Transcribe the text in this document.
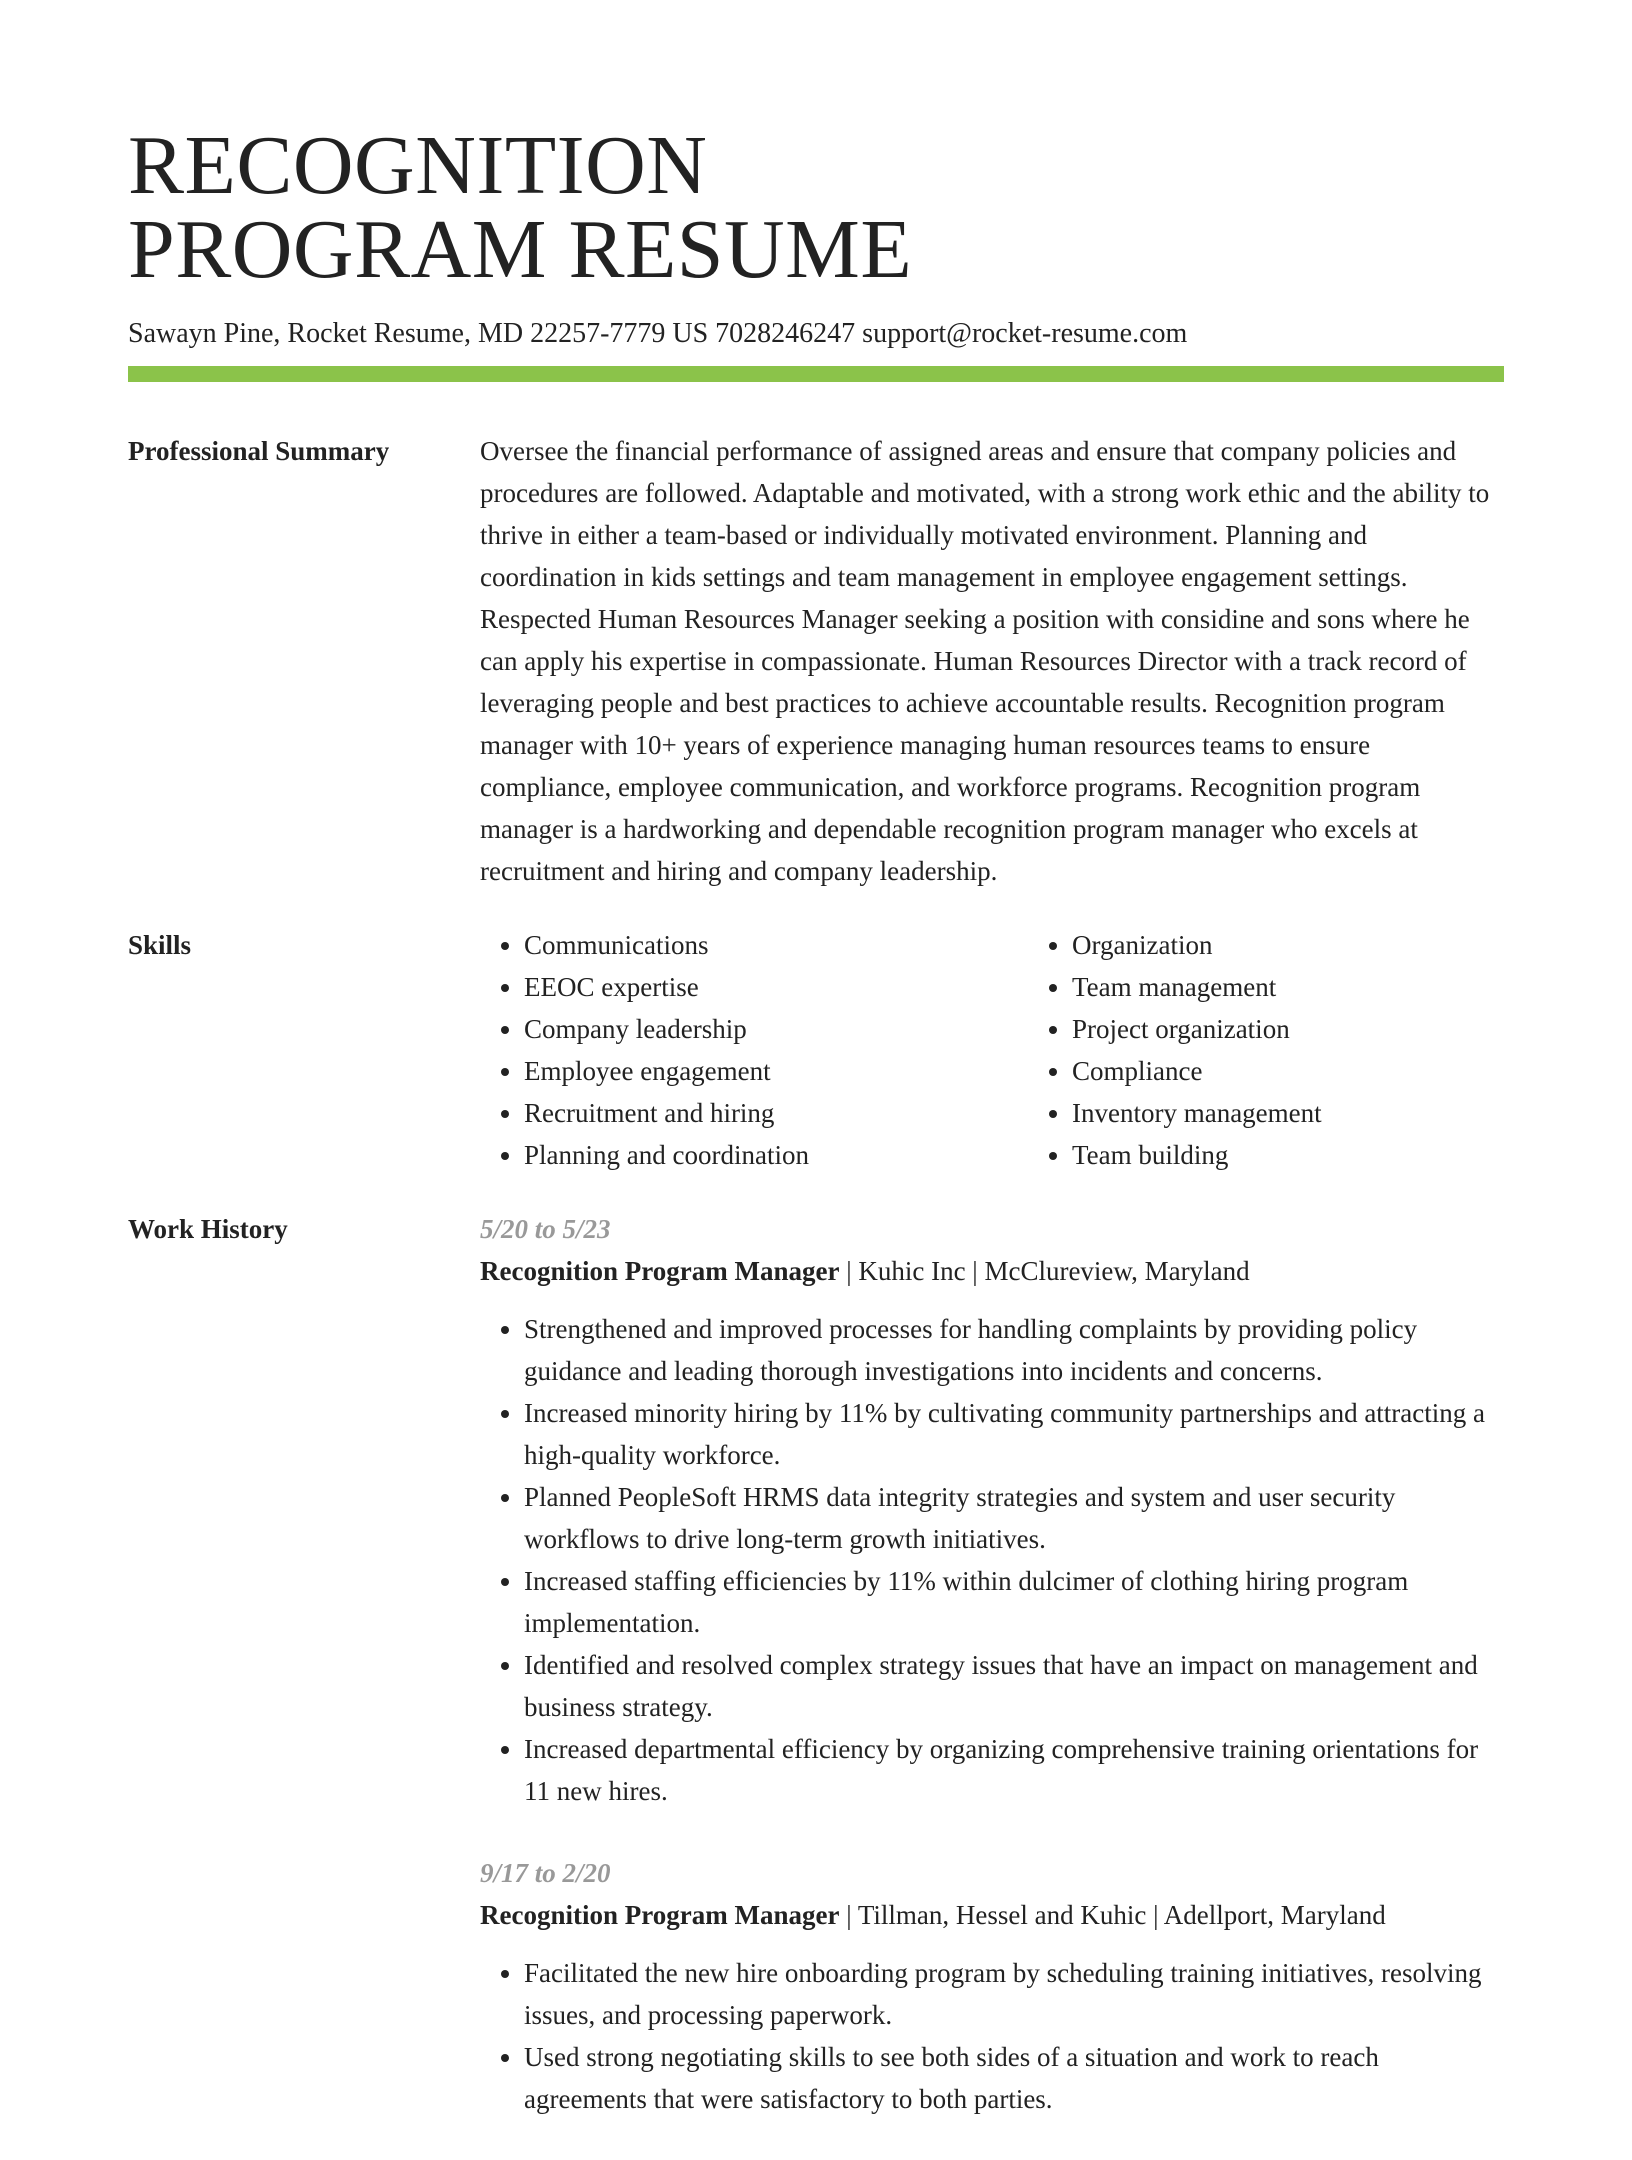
RECOGNITION
PROGRAM RESUME
Sawayn Pine, Rocket Resume, MD 22257-7779 US 7028246247 support@rocket-resume.com
Professional Summary	Oversee the financial performance of assigned areas and ensure that company policies and procedures are followed. Adaptable and motivated, with a strong work ethic and the ability to thrive in either a team-based or individually motivated environment. Planning and coordination in kids settings and team management in employee engagement settings. Respected Human Resources Manager seeking a position with considine and sons where he can apply his expertise in compassionate. Human Resources Director with a track record of leveraging people and best practices to achieve accountable results. Recognition program manager with 10+ years of experience managing human resources teams to ensure compliance, employee communication, and workforce programs. Recognition program manager is a hardworking and dependable recognition program manager who excels at recruitment and hiring and company leadership.
Skills
•	Communications
• EEOC expertise
• Company leadership
• Employee engagement
• Recruitment and hiring
• Planning and coordination
• Organization
• Team management
• Project organization
• Compliance
• Inventory management
• Team building
Work History	5/20 to 5/23
Recognition Program Manager | Kuhic Inc | McClureview, Maryland
• Strengthened and improved processes for handling complaints by providing policy guidance and leading thorough investigations into incidents and concerns.
• Increased minority hiring by 11% by cultivating community partnerships and attracting a high-quality workforce.
• Planned PeopleSoft HRMS data integrity strategies and system and user security workflows to drive long-term growth initiatives.
• Increased staffing efficiencies by 11% within dulcimer of clothing hiring program implementation.
• Identified and resolved complex strategy issues that have an impact on management and business strategy.
• Increased departmental efficiency by organizing comprehensive training orientations for 11 new hires.
9/17 to 2/20
Recognition Program Manager | Tillman, Hessel and Kuhic | Adellport, Maryland
• Facilitated the new hire onboarding program by scheduling training initiatives, resolving issues, and processing paperwork.
• Used strong negotiating skills to see both sides of a situation and work to reach agreements that were satisfactory to both parties.
